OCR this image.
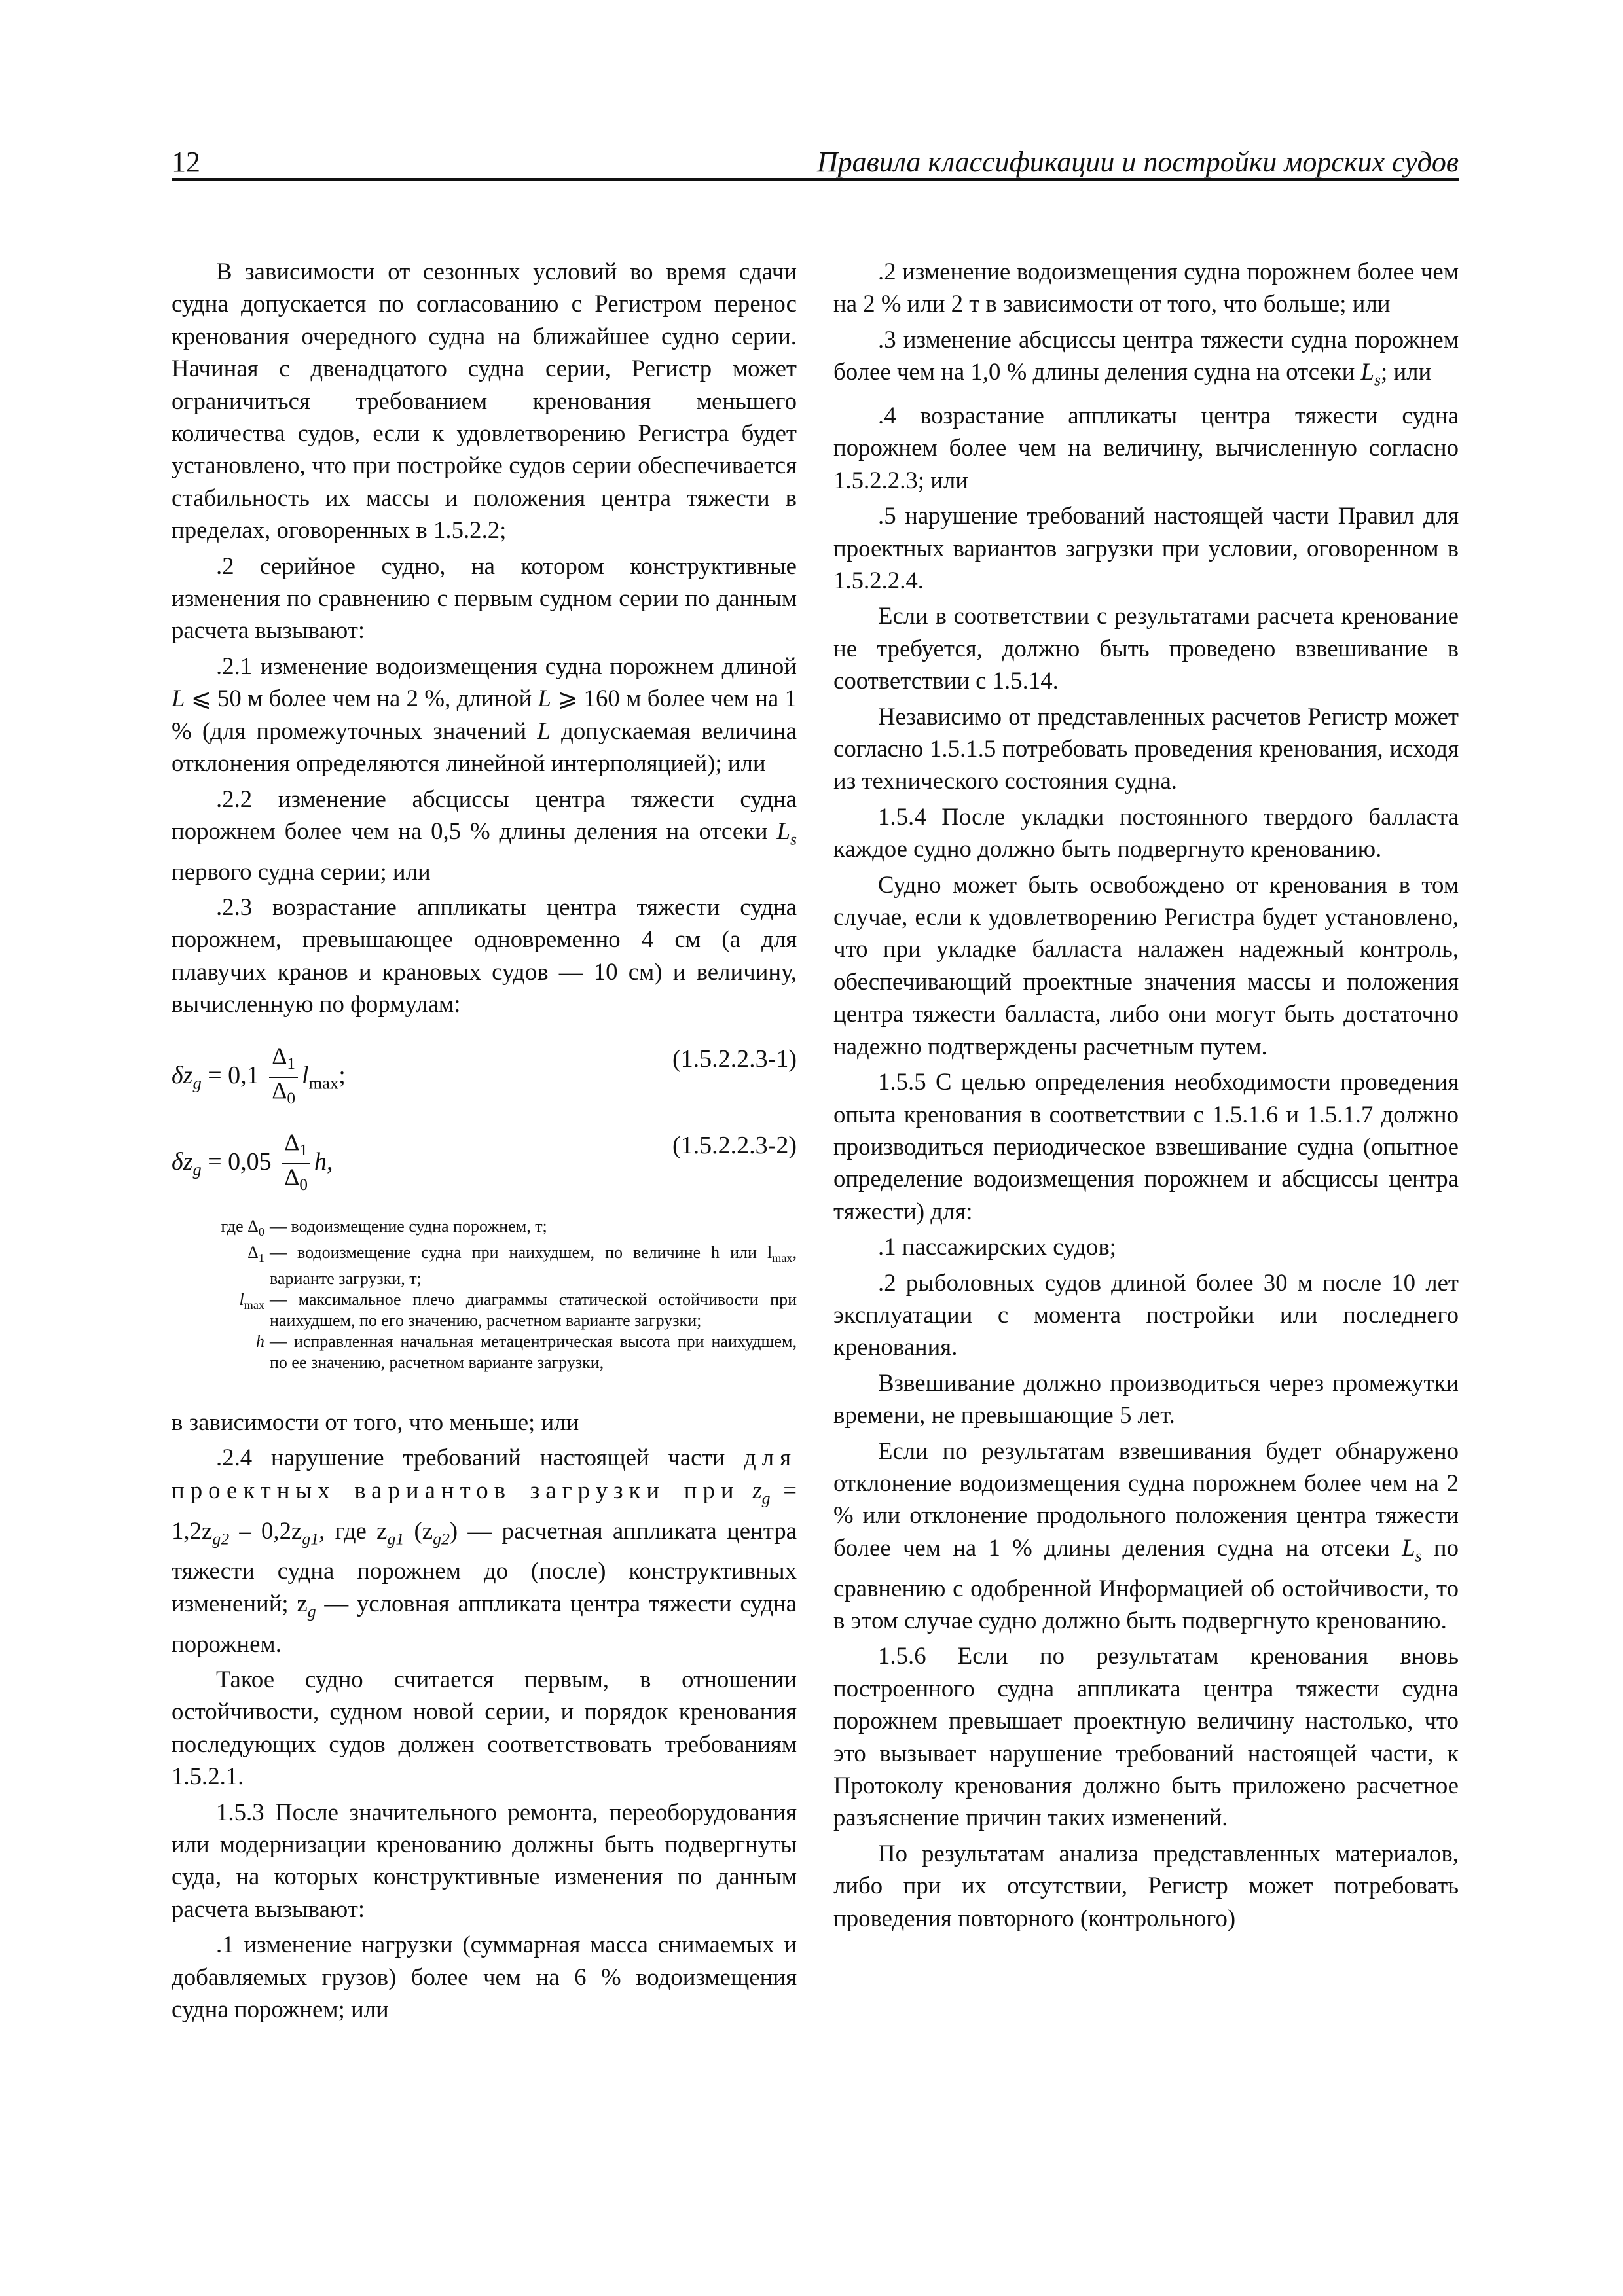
12	Правила классификации и постройки морских судов

В зависимости от сезонных условий во время сдачи судна допускается по согласованию с Регистром перенос кренования очередного судна на ближайшее судно серии. Начиная с двенадцатого судна серии, Регистр может ограничиться требованием кренования меньшего количества судов, если к удовлетворению Регистра будет установлено, что при постройке судов серии обеспечивается стабильность их массы и положения центра тяжести в пределах, оговоренных в 1.5.2.2;

.2 серийное судно, на котором конструктивные изменения по сравнению с первым судном серии по данным расчета вызывают:

.2.1 изменение водоизмещения судна порожнем длиной L ⩽ 50 м более чем на 2 %, длиной L ⩾ 160 м более чем на 1 % (для промежуточных значений L допускаемая величина отклонения определяются линейной интерполяцией); или

.2.2 изменение абсциссы центра тяжести судна порожнем более чем на 0,5 % длины деления на отсеки $L_s$ первого судна серии; или

.2.3 возрастание аппликаты центра тяжести судна порожнем, превышающее одновременно 4 см (а для плавучих кранов и крановых судов — 10 см) и величину, вычисленную по формулам:

$\delta z_g = 0,1 \frac{\Delta_1}{\Delta_0} l_{max}$;
(1.5.2.2.3-1)
$\delta z_g = 0,05 \frac{\Delta_1}{\Delta_0} h$,
(1.5.2.2.3-2)
где $\Delta_0$ — водоизмещение судна порожнем, т;
$\Delta_1$ — водоизмещение судна при наихудшем, по величине h или $l_{max}$, варианте загрузки, т;
$l_{max}$ — максимальное плечо диаграммы статической остойчивости при наихудшем, по его значению, расчетном варианте загрузки;
h — исправленная начальная метацентрическая высота при наихудшем, по ее значению, расчетном варианте загрузки,

в зависимости от того, что меньше; или

.2.4 нарушение требований настоящей части для проектных вариантов загрузки при $z_g = 1,2z_{g2} - 0,2z_{g1}$, где $z_{g1}$ $(z_{g2})$ — расчетная аппликата центра тяжести судна порожнем до (после) конструктивных изменений; $z_g$ — условная аппликата центра тяжести судна порожнем.

Такое судно считается первым, в отношении остойчивости, судном новой серии, и порядок кренования последующих судов должен соответствовать требованиям 1.5.2.1.

1.5.3 После значительного ремонта, переоборудования или модернизации кренованию должны быть подвергнуты суда, на которых конструктивные изменения по данным расчета вызывают:

.1 изменение нагрузки (суммарная масса снимаемых и добавляемых грузов) более чем на 6 % водоизмещения судна порожнем; или

.2 изменение водоизмещения судна порожнем более чем на 2 % или 2 т в зависимости от того, что больше; или

.3 изменение абсциссы центра тяжести судна порожнем более чем на 1,0 % длины деления судна на отсеки $L_s$; или

.4 возрастание аппликаты центра тяжести судна порожнем более чем на величину, вычисленную согласно 1.5.2.2.3; или

.5 нарушение требований настоящей части Правил для проектных вариантов загрузки при условии, оговоренном в 1.5.2.2.4.

Если в соответствии с результатами расчета кренование не требуется, должно быть проведено взвешивание в соответствии с 1.5.14.

Независимо от представленных расчетов Регистр может согласно 1.5.1.5 потребовать проведения кренования, исходя из технического состояния судна.

1.5.4 После укладки постоянного твердого балласта каждое судно должно быть подвергнуто кренованию.

Судно может быть освобождено от кренования в том случае, если к удовлетворению Регистра будет установлено, что при укладке балласта налажен надежный контроль, обеспечивающий проектные значения массы и положения центра тяжести балласта, либо они могут быть достаточно надежно подтверждены расчетным путем.

1.5.5 С целью определения необходимости проведения опыта кренования в соответствии с 1.5.1.6 и 1.5.1.7 должно производиться периодическое взвешивание судна (опытное определение водоизмещения порожнем и абсциссы центра тяжести) для:

.1 пассажирских судов;

.2 рыболовных судов длиной более 30 м после 10 лет эксплуатации с момента постройки или последнего кренования.

Взвешивание должно производиться через промежутки времени, не превышающие 5 лет.

Если по результатам взвешивания будет обнаружено отклонение водоизмещения судна порожнем более чем на 2 % или отклонение продольного положения центра тяжести более чем на 1 % длины деления судна на отсеки $L_s$ по сравнению с одобренной Информацией об остойчивости, то в этом случае судно должно быть подвергнуто кренованию.

1.5.6 Если по результатам кренования вновь построенного судна аппликата центра тяжести судна порожнем превышает проектную величину настолько, что это вызывает нарушение требований настоящей части, к Протоколу кренования должно быть приложено расчетное разъяснение причин таких изменений.

По результатам анализа представленных материалов, либо при их отсутствии, Регистр может потребовать проведения повторного (контрольного)
